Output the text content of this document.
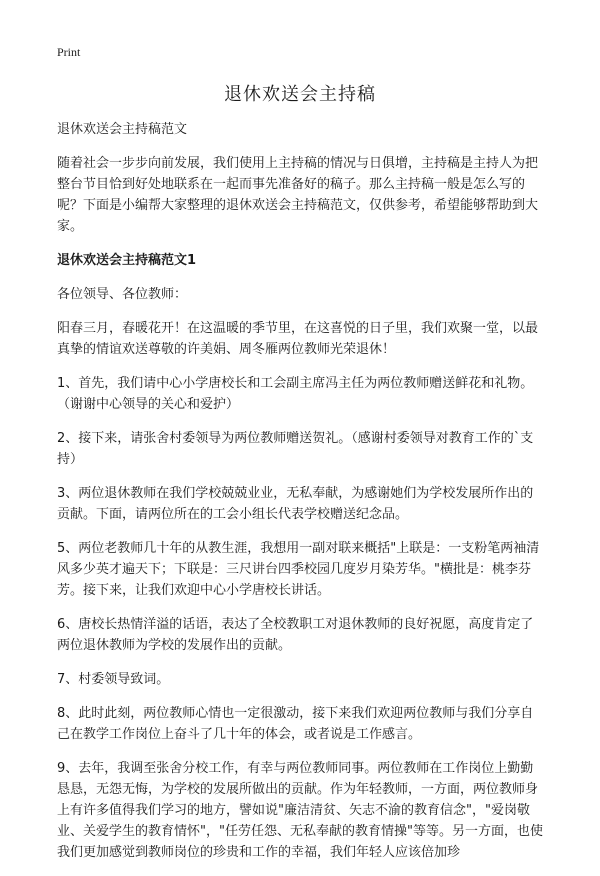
Print
退休欢送会主持稿

退休欢送会主持稿范文

随着社会一步步向前发展，我们使用上主持稿的情况与日俱增，主持稿是主持人为把整台节目恰到好处地联系在一起而事先准备好的稿子。那么主持稿一般是怎么写的呢？下面是小编帮大家整理的退休欢送会主持稿范文，仅供参考，希望能够帮助到大家。

退休欢送会主持稿范文1

各位领导、各位教师：

阳春三月，春暖花开！在这温暖的季节里，在这喜悦的日子里，我们欢聚一堂，以最真挚的情谊欢送尊敬的许美娟、周冬雁两位教师光荣退休！

1、首先，我们请中心小学唐校长和工会副主席冯主任为两位教师赠送鲜花和礼物。（谢谢中心领导的关心和爱护）

2、接下来，请张舍村委领导为两位教师赠送贺礼。（感谢村委领导对教育工作的`支持）

3、两位退休教师在我们学校兢兢业业，无私奉献，为感谢她们为学校发展所作出的贡献。下面，请两位所在的工会小组长代表学校赠送纪念品。

5、两位老教师几十年的从教生涯，我想用一副对联来概括"上联是：一支粉笔两袖清风多少英才遍天下；下联是：三尺讲台四季校园几度岁月染芳华。"横批是：桃李芬芳。接下来，让我们欢迎中心小学唐校长讲话。

6、唐校长热情洋溢的话语，表达了全校教职工对退休教师的良好祝愿，高度肯定了两位退休教师为学校的发展作出的贡献。

7、村委领导致词。

8、此时此刻，两位教师心情也一定很激动，接下来我们欢迎两位教师与我们分享自己在教学工作岗位上奋斗了几十年的体会，或者说是工作感言。

9、去年，我调至张舍分校工作，有幸与两位教师同事。两位教师在工作岗位上勤勤恳恳，无怨无悔，为学校的发展所做出的贡献。作为年轻教师，一方面，两位教师身上有许多值得我们学习的地方，譬如说"廉洁清贫、矢志不渝的教育信念"，"爱岗敬业、关爱学生的教育情怀"，"任劳任怨、无私奉献的教育情操"等等。另一方面，也使我们更加感觉到教师岗位的珍贵和工作的幸福，我们年轻人应该倍加珍
